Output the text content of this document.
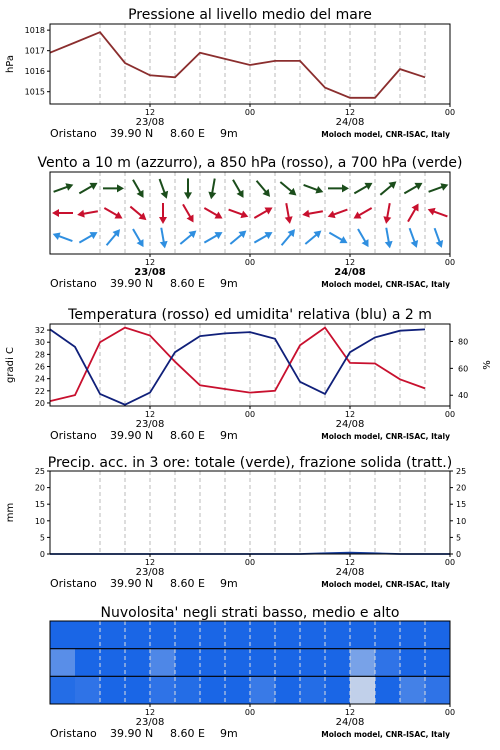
Pressione al livello medio del mare
1018
1017
1016
1015
hPa
12	00	12	00
23/08	24/08
Oristano 39.90 N 8.60 E 9m	Moloch model, CNR-ISAC, Italy
Vento a 10 m (azzurro), a 850 hPa (rosso), a 700 hPa (verde)
12	00	12	00
23/08	24/08
Oristano 39.90 N 8.60 E 9m	Moloch model, CNR-ISAC, Italy
Temperatura (rosso) ed umidita' relativa (blu) a 2 m
32
30
28
26
24
22
20
80
60
40
gradi C	%
12	00	12	00
23/08	24/08
Oristano 39.90 N 8.60 E 9m	Moloch model, CNR-ISAC, Italy
Precip. acc. in 3 ore: totale (verde), frazione solida (tratt.)
25	25
20	20
15	15
10	10
5	5
0	0
mm
12	00	12	00
23/08	24/08
Oristano 39.90 N 8.60 E 9m	Moloch model, CNR-ISAC, Italy
Nuvolosita' negli strati basso, medio e alto
12	00	12	00
23/08	24/08
Oristano 39.90 N 8.60 E 9m	Moloch model, CNR-ISAC, Italy
